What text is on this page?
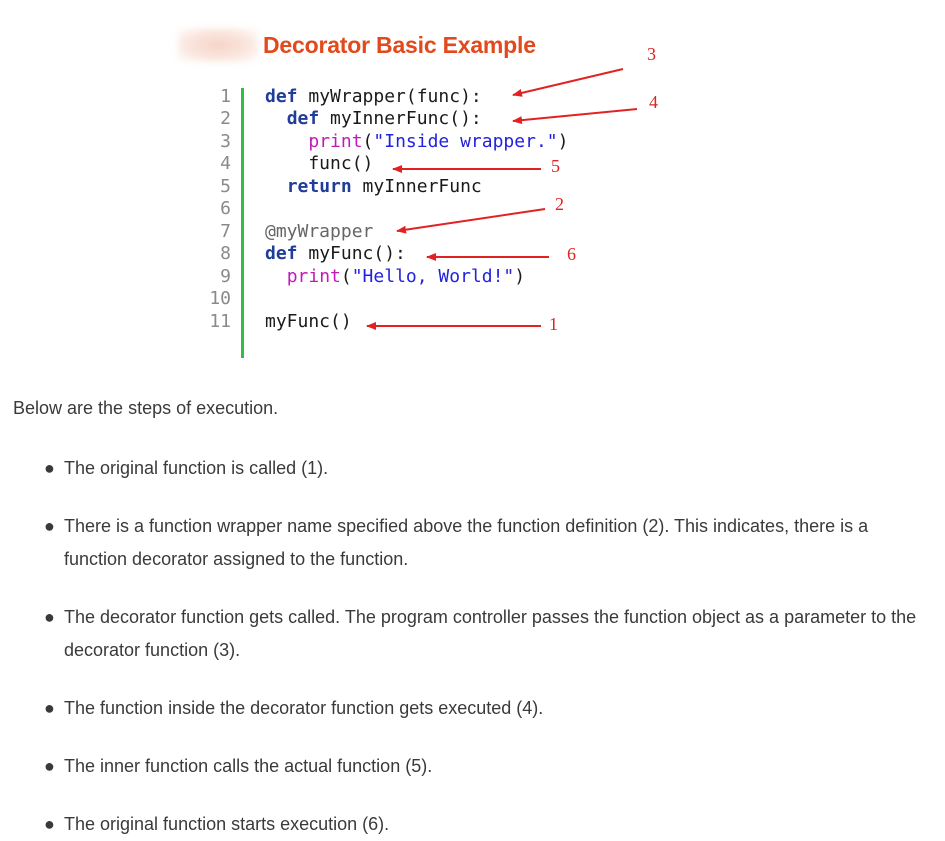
Decorator Basic Example
1 def myWrapper(func):
2	def myInnerFunc():
3	print("Inside wrapper.")
4 func()
5	return myInnerFunc
6
7 @myWrapper
8 def myFunc():
9	print("Hello, World!")
10
11 myFunc()
3
4
5
2
6
1

Below are the steps of execution.

● The original function is called (1).
● There is a function wrapper name specified above the function definition (2). This indicates, there is a function decorator assigned to the function.
● The decorator function gets called. The program controller passes the function object as a parameter to the decorator function (3).
● The function inside the decorator function gets executed (4).
● The inner function calls the actual function (5).
● The original function starts execution (6).
